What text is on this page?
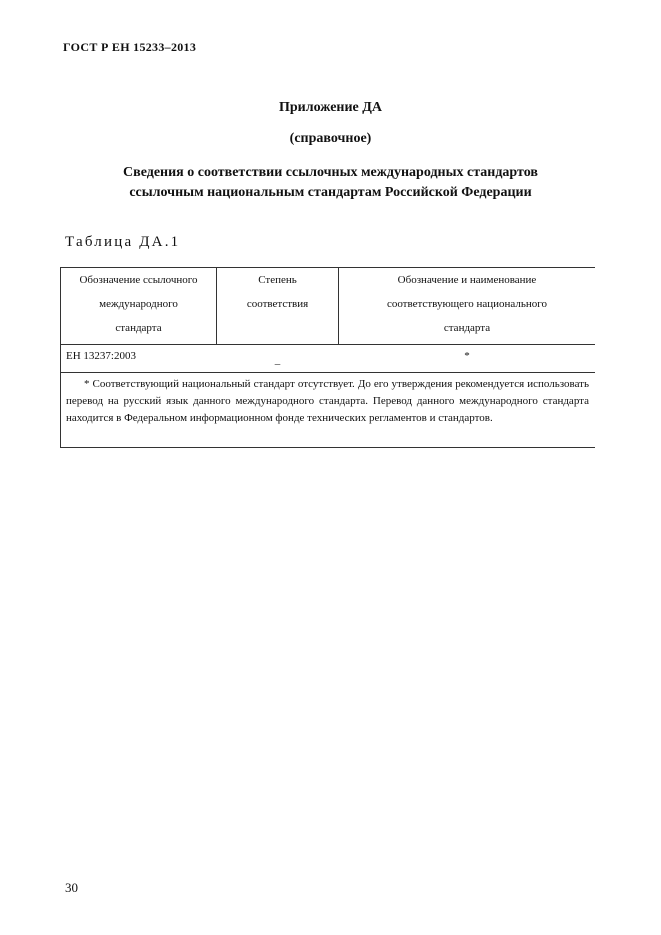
ГОСТ Р ЕН 15233–2013
Приложение ДА
(справочное)
Сведения о соответствии ссылочных международных стандартов
ссылочным национальным стандартам Российской Федерации
Таблица ДА.1
Обозначение ссылочного
международного
стандарта
Степень
соответствия
Обозначение и наименование
соответствующего национального
стандарта
ЕН 13237:2003
–
*
* Соответствующий национальный стандарт отсутствует. До его утверждения рекомендуется использовать перевод на русский язык данного международного стандарта. Перевод данного международного стандарта находится в Федеральном информационном фонде технических регламентов и стандартов.
30
